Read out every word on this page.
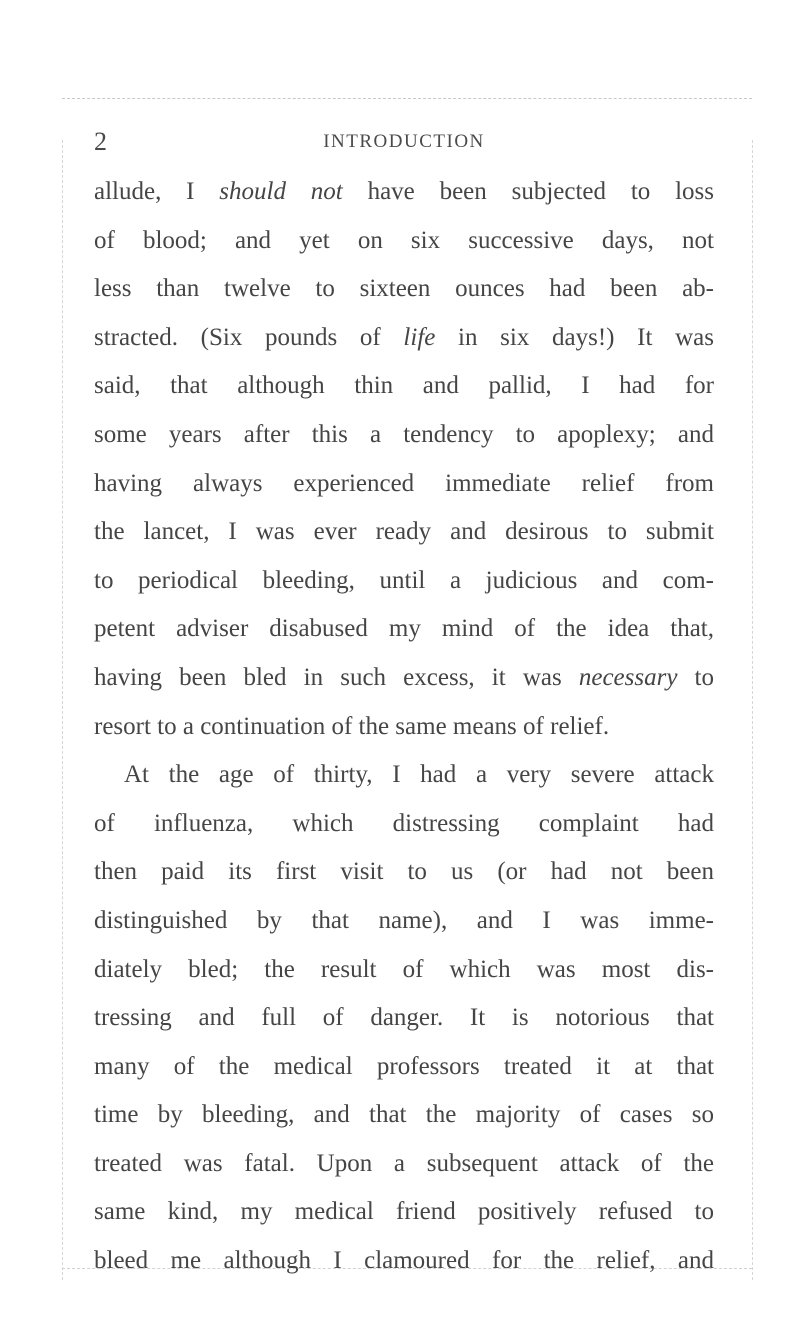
2	INTRODUCTION
allude, I should not have been subjected to loss
of blood; and yet on six successive days, not
less than twelve to sixteen ounces had been ab-
stracted. (Six pounds of life in six days!) It was
said, that although thin and pallid, I had for
some years after this a tendency to apoplexy; and
having always experienced immediate relief from
the lancet, I was ever ready and desirous to submit
to periodical bleeding, until a judicious and com-
petent adviser disabused my mind of the idea that,
having been bled in such excess, it was necessary to
resort to a continuation of the same means of relief.
At the age of thirty, I had a very severe attack
of influenza, which distressing complaint had
then paid its first visit to us (or had not been
distinguished by that name), and I was imme-
diately bled; the result of which was most dis-
tressing and full of danger. It is notorious that
many of the medical professors treated it at that
time by bleeding, and that the majority of cases so
treated was fatal. Upon a subsequent attack of the
same kind, my medical friend positively refused to
bleed me although I clamoured for the relief, and
